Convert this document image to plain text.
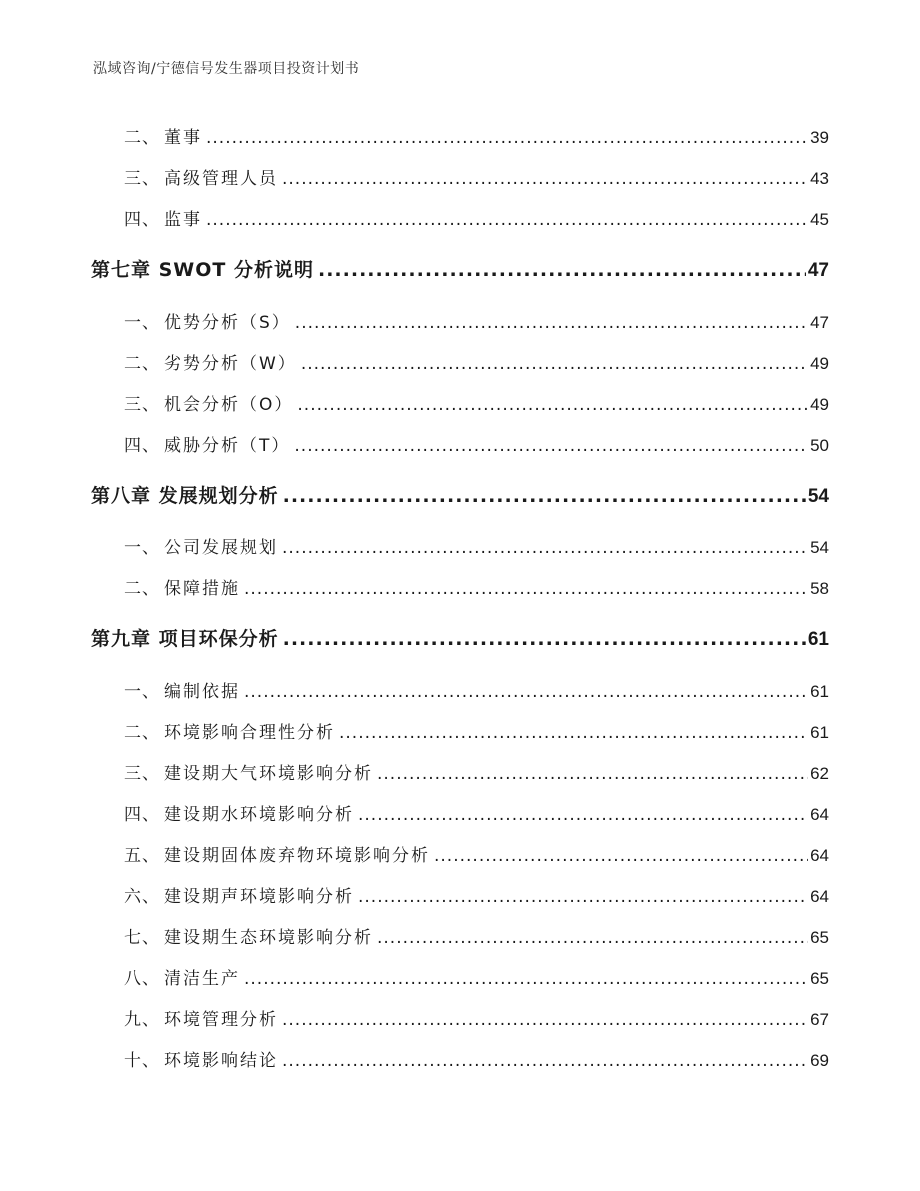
泓域咨询/宁德信号发生器项目投资计划书
二、 董事 .....	39
三、 高级管理人员 .....	43
四、 监事 .....	45
第七章 SWOT 分析说明 .....	47
一、 优势分析（S） .....	47
二、 劣势分析（W） .....	49
三、 机会分析（O） .....	49
四、 威胁分析（T） .....	50
第八章 发展规划分析 .....	54
一、 公司发展规划 .....	54
二、 保障措施 .....	58
第九章 项目环保分析 .....	61
一、 编制依据 .....	61
二、 环境影响合理性分析 .....	61
三、 建设期大气环境影响分析 .....	62
四、 建设期水环境影响分析 .....	64
五、 建设期固体废弃物环境影响分析 .....	64
六、 建设期声环境影响分析 .....	64
七、 建设期生态环境影响分析 .....	65
八、 清洁生产 .....	65
九、 环境管理分析 .....	67
十、 环境影响结论 .....	69
